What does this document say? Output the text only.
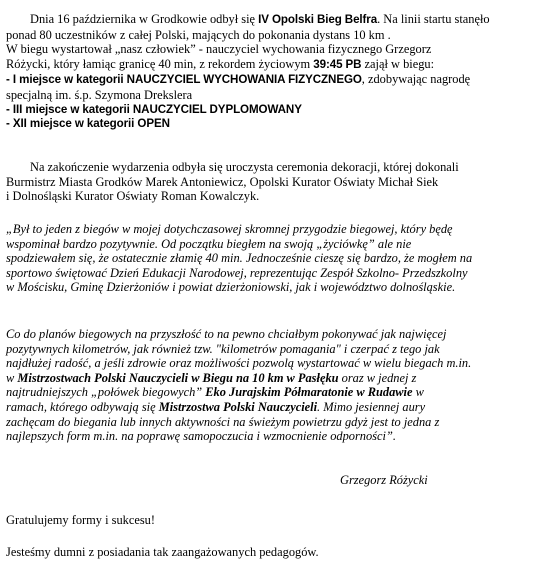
Dnia 16 października w Grodkowie odbył się IV Opolski Bieg Belfra. Na linii startu stanęło
ponad 80 uczestników z całej Polski, mających do pokonania dystans 10 km .
W biegu wystartował „nasz człowiek” - nauczyciel wychowania fizycznego Grzegorz
Różycki, który łamiąc granicę 40 min, z rekordem życiowym 39:45 PB zajął w biegu:
- I miejsce w kategorii NAUCZYCIEL WYCHOWANIA FIZYCZNEGO, zdobywając nagrodę
specjalną im. ś.p. Szymona Drekslera
- III miejsce w kategorii NAUCZYCIEL DYPLOMOWANY
- XII miejsce w kategorii OPEN
Na zakończenie wydarzenia odbyła się uroczysta ceremonia dekoracji, której dokonali
Burmistrz Miasta Grodków Marek Antoniewicz, Opolski Kurator Oświaty Michał Siek
i Dolnośląski Kurator Oświaty Roman Kowalczyk.
„Był to jeden z biegów w mojej dotychczasowej skromnej przygodzie biegowej, który będę
wspominał bardzo pozytywnie. Od początku biegłem na swoją „życiówkę” ale nie
spodziewałem się, że ostatecznie złamię 40 min. Jednocześnie cieszę się bardzo, że mogłem na
sportowo świętować Dzień Edukacji Narodowej, reprezentując Zespół Szkolno- Przedszkolny
w Mościsku, Gminę Dzierżoniów i powiat dzierżoniowski, jak i województwo dolnośląskie.
Co do planów biegowych na przyszłość to na pewno chciałbym pokonywać jak najwięcej
pozytywnych kilometrów, jak również tzw. "kilometrów pomagania" i czerpać z tego jak
najdłużej radość, a jeśli zdrowie oraz możliwości pozwolą wystartować w wielu biegach m.in.
w Mistrzostwach Polski Nauczycieli w Biegu na 10 km w Pasłęku oraz w jednej z
najtrudniejszych „połówek biegowych” Eko Jurajskim Półmaratonie w Rudawie w
ramach, którego odbywają się Mistrzostwa Polski Nauczycieli. Mimo jesiennej aury
zachęcam do biegania lub innych aktywności na świeżym powietrzu gdyż jest to jedna z
najlepszych form m.in. na poprawę samopoczucia i wzmocnienie odporności”.
Grzegorz Różycki
Gratulujemy formy i sukcesu!
Jesteśmy dumni z posiadania tak zaangażowanych pedagogów.
